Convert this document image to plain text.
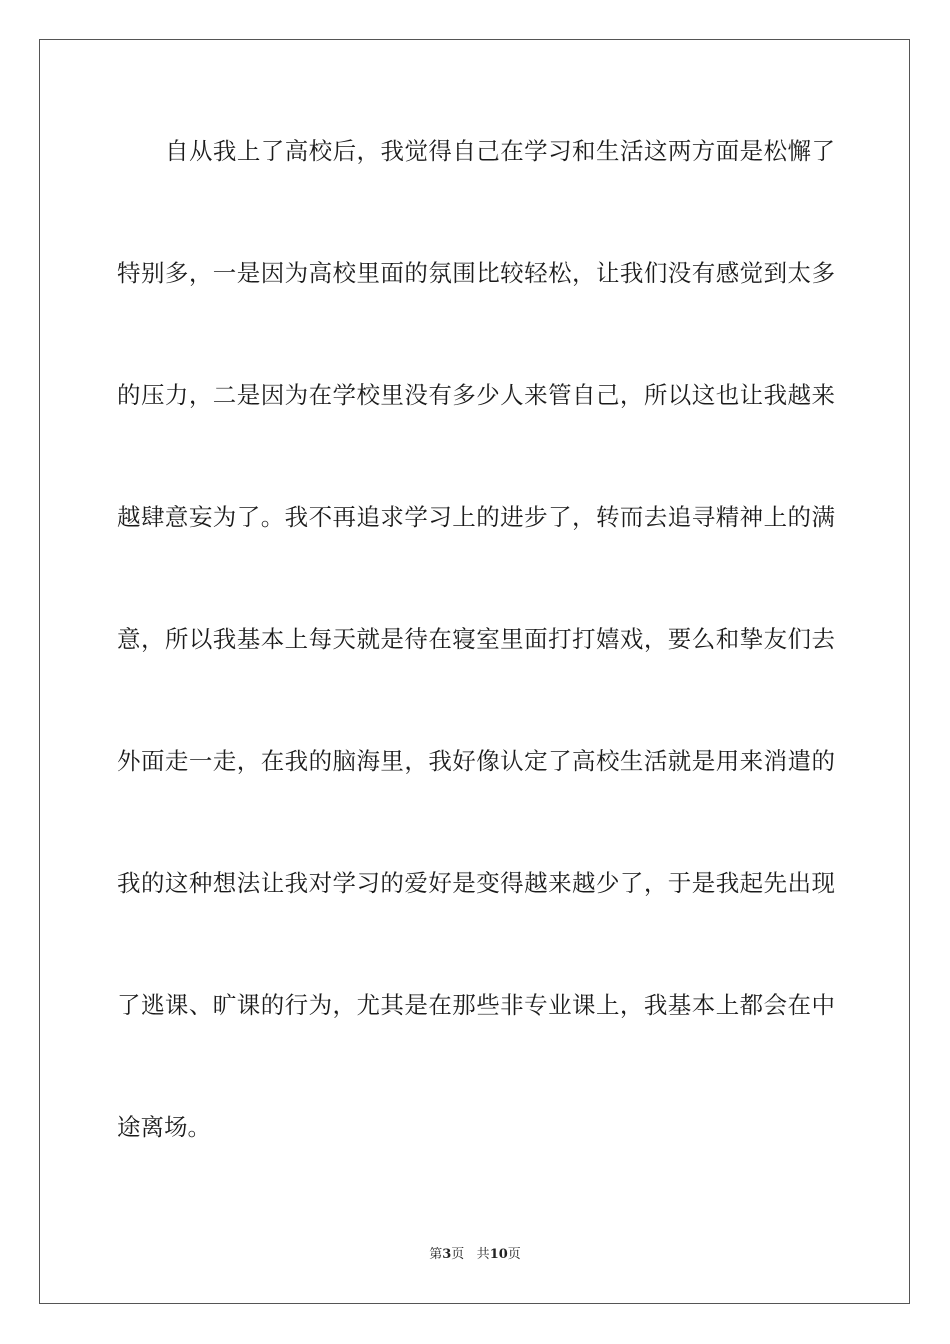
自从我上了高校后，我觉得自己在学习和生活这两方面是松懈了
特别多，一是因为高校里面的氛围比较轻松，让我们没有感觉到太多
的压力，二是因为在学校里没有多少人来管自己，所以这也让我越来
越肆意妄为了。我不再追求学习上的进步了，转而去追寻精神上的满
意，所以我基本上每天就是待在寝室里面打打嬉戏，要么和挚友们去
外面走一走，在我的脑海里，我好像认定了高校生活就是用来消遣的
我的这种想法让我对学习的爱好是变得越来越少了，于是我起先出现
了逃课、旷课的行为，尤其是在那些非专业课上，我基本上都会在中
途离场。
第3页 共10页
